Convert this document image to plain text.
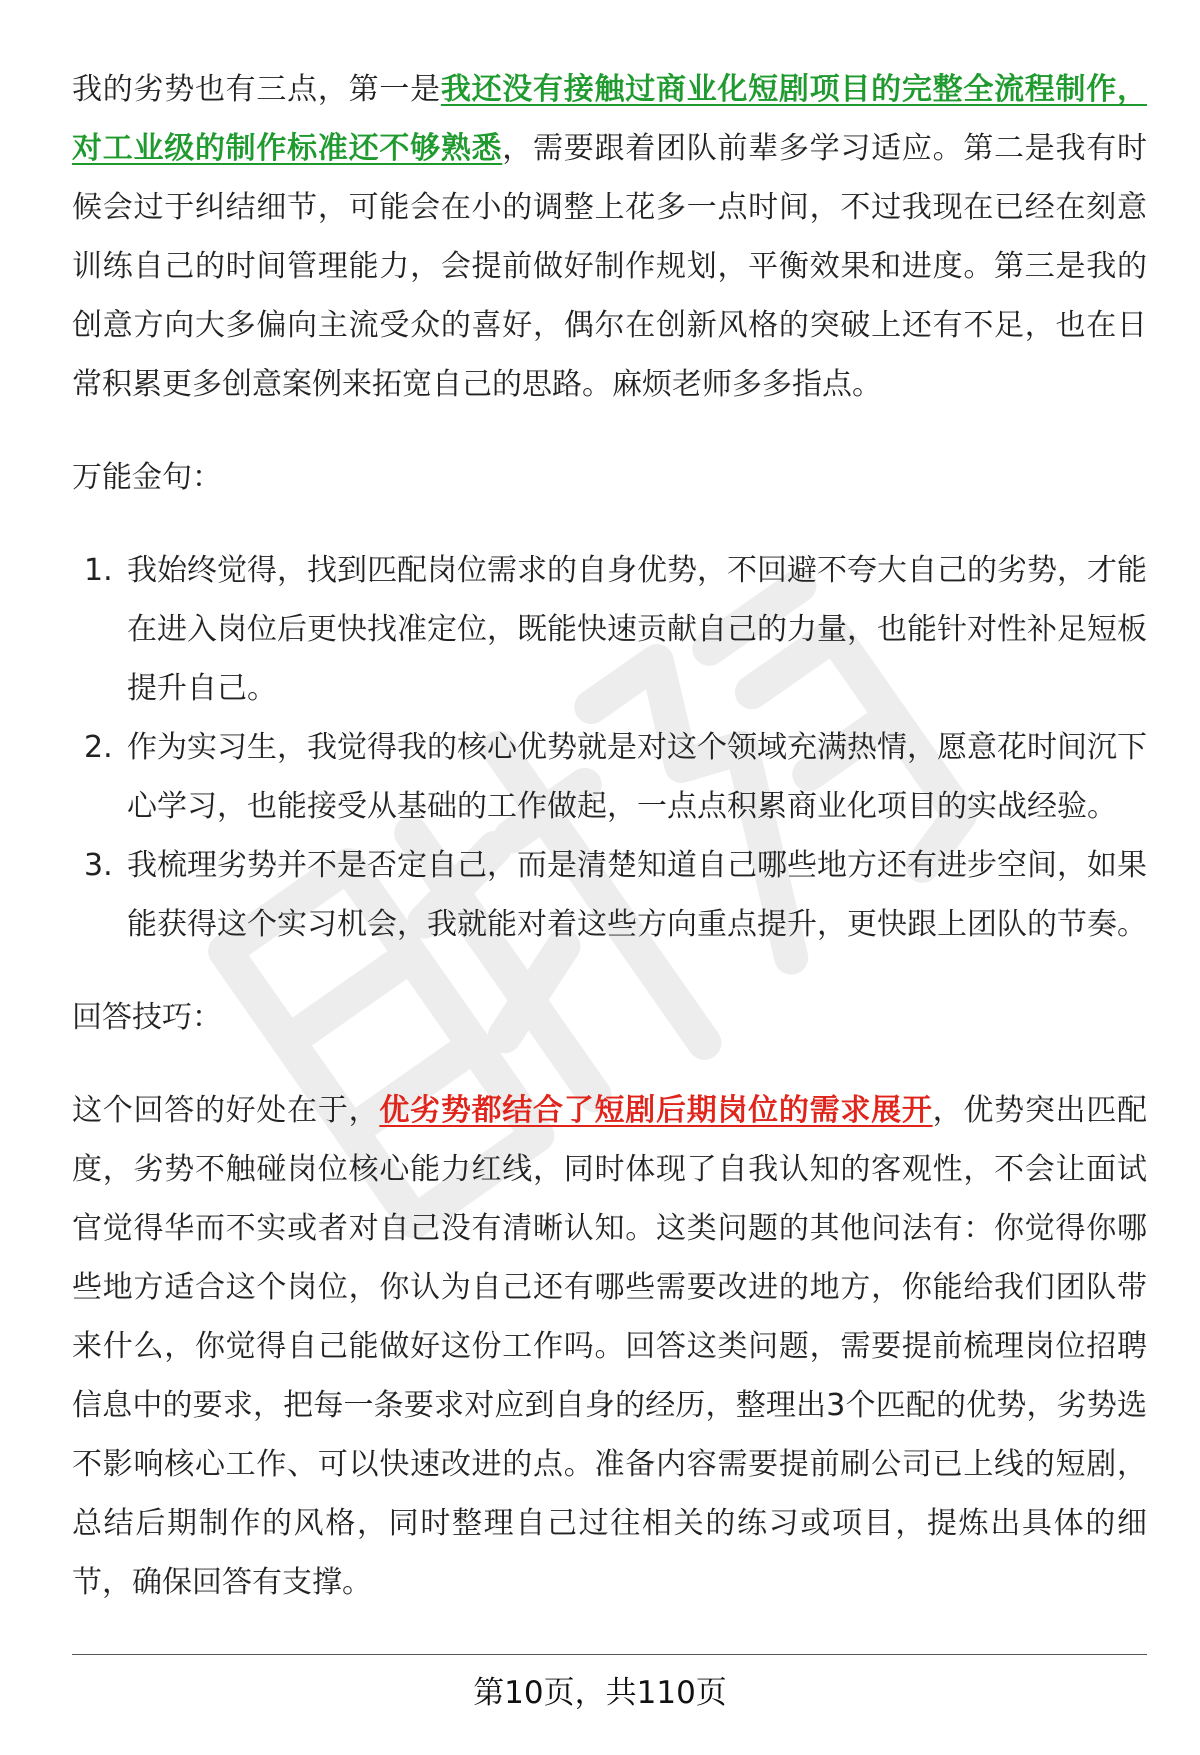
我的劣势也有三点，第一是我还没有接触过商业化短剧项目的完整全流程制作，对工业级的制作标准还不够熟悉，需要跟着团队前辈多学习适应。第二是我有时候会过于纠结细节，可能会在小的调整上花多一点时间，不过我现在已经在刻意训练自己的时间管理能力，会提前做好制作规划，平衡效果和进度。第三是我的创意方向大多偏向主流受众的喜好，偶尔在创新风格的突破上还有不足，也在日常积累更多创意案例来拓宽自己的思路。麻烦老师多多指点。

万能金句：

1. 我始终觉得，找到匹配岗位需求的自身优势，不回避不夸大自己的劣势，才能在进入岗位后更快找准定位，既能快速贡献自己的力量，也能针对性补足短板提升自己。
2. 作为实习生，我觉得我的核心优势就是对这个领域充满热情，愿意花时间沉下心学习，也能接受从基础的工作做起，一点点积累商业化项目的实战经验。
3. 我梳理劣势并不是否定自己，而是清楚知道自己哪些地方还有进步空间，如果能获得这个实习机会，我就能对着这些方向重点提升，更快跟上团队的节奏。

回答技巧：

这个回答的好处在于，优劣势都结合了短剧后期岗位的需求展开，优势突出匹配度，劣势不触碰岗位核心能力红线，同时体现了自我认知的客观性，不会让面试官觉得华而不实或者对自己没有清晰认知。这类问题的其他问法有：你觉得你哪些地方适合这个岗位，你认为自己还有哪些需要改进的地方，你能给我们团队带来什么，你觉得自己能做好这份工作吗。回答这类问题，需要提前梳理岗位招聘信息中的要求，把每一条要求对应到自身的经历，整理出3个匹配的优势，劣势选不影响核心工作、可以快速改进的点。准备内容需要提前刷公司已上线的短剧，总结后期制作的风格，同时整理自己过往相关的练习或项目，提炼出具体的细节，确保回答有支撑。

第10页，共110页
